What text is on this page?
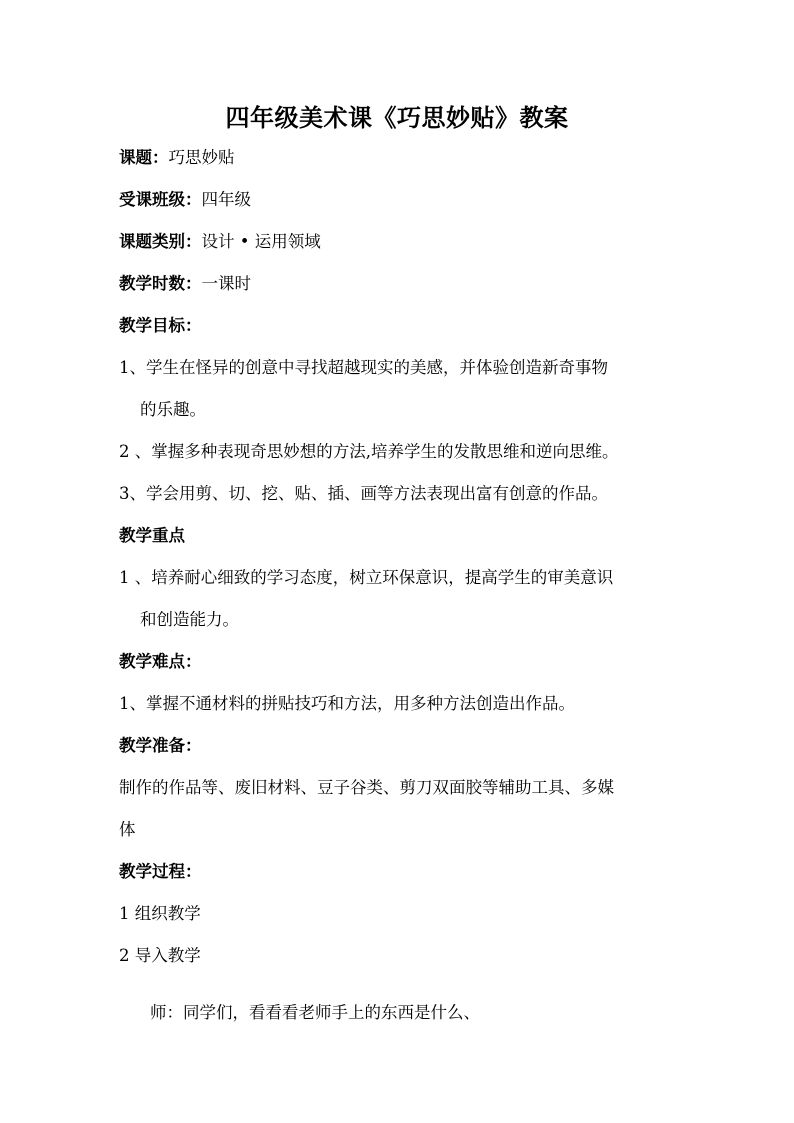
四年级美术课《巧思妙贴》教案
课题：巧思妙贴
受课班级：四年级
课题类别：设计 • 运用领域
教学时数：一课时
教学目标：
1、学生在怪异的创意中寻找超越现实的美感，并体验创造新奇事物
的乐趣。
2 、掌握多种表现奇思妙想的方法,培养学生的发散思维和逆向思维。
3、学会用剪、切、挖、贴、插、画等方法表现出富有创意的作品。
教学重点
1 、培养耐心细致的学习态度，树立环保意识，提高学生的审美意识
和创造能力。
教学难点：
1、掌握不通材料的拼贴技巧和方法，用多种方法创造出作品。
教学准备：
制作的作品等、废旧材料、豆子谷类、剪刀双面胶等辅助工具、多媒
体
教学过程：
1 组织教学
2 导入教学
师：同学们，看看看老师手上的东西是什么、
